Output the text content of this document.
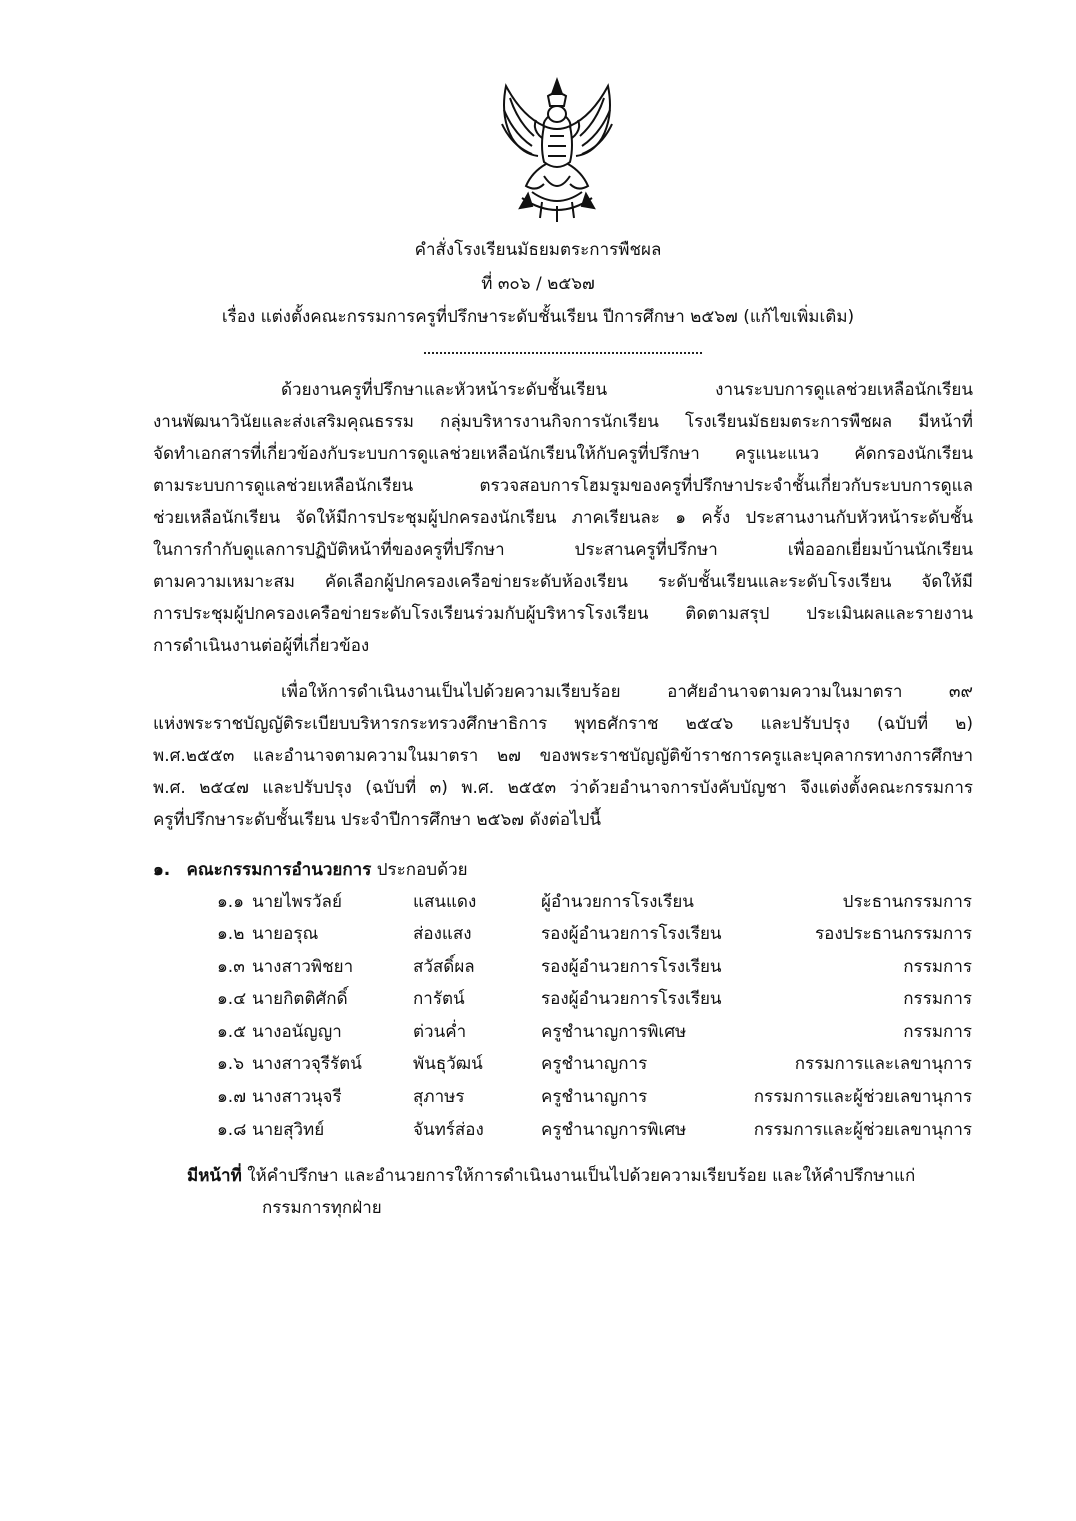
คำสั่งโรงเรียนมัธยมตระการพืชผล
ที่ ๓๐๖ / ๒๕๖๗
เรื่อง แต่งตั้งคณะกรรมการครูที่ปรึกษาระดับชั้นเรียน ปีการศึกษา ๒๕๖๗ (แก้ไขเพิ่มเติม)
ด้วยงานครูที่ปรึกษาและหัวหน้าระดับชั้นเรียน งานระบบการดูแลช่วยเหลือนักเรียน
งานพัฒนาวินัยและส่งเสริมคุณธรรม กลุ่มบริหารงานกิจการนักเรียน โรงเรียนมัธยมตระการพืชผล มีหน้าที่
จัดทำเอกสารที่เกี่ยวข้องกับระบบการดูแลช่วยเหลือนักเรียนให้กับครูที่ปรึกษา ครูแนะแนว คัดกรองนักเรียน
ตามระบบการดูแลช่วยเหลือนักเรียน ตรวจสอบการโฮมรูมของครูที่ปรึกษาประจำชั้นเกี่ยวกับระบบการดูแล
ช่วยเหลือนักเรียน จัดให้มีการประชุมผู้ปกครองนักเรียน ภาคเรียนละ ๑ ครั้ง ประสานงานกับหัวหน้าระดับชั้น
ในการกำกับดูแลการปฏิบัติหน้าที่ของครูที่ปรึกษา ประสานครูที่ปรึกษา เพื่อออกเยี่ยมบ้านนักเรียน
ตามความเหมาะสม คัดเลือกผู้ปกครองเครือข่ายระดับห้องเรียน ระดับชั้นเรียนและระดับโรงเรียน จัดให้มี
การประชุมผู้ปกครองเครือข่ายระดับโรงเรียนร่วมกับผู้บริหารโรงเรียน ติดตามสรุป ประเมินผลและรายงาน
การดำเนินงานต่อผู้ที่เกี่ยวข้อง
เพื่อให้การดำเนินงานเป็นไปด้วยความเรียบร้อย อาศัยอำนาจตามความในมาตรา ๓๙
แห่งพระราชบัญญัติระเบียบบริหารกระทรวงศึกษาธิการ พุทธศักราช ๒๕๔๖ และปรับปรุง (ฉบับที่ ๒)
พ.ศ.๒๕๕๓ และอำนาจตามความในมาตรา ๒๗ ของพระราชบัญญัติข้าราชการครูและบุคลากรทางการศึกษา
พ.ศ. ๒๕๔๗ และปรับปรุง (ฉบับที่ ๓) พ.ศ. ๒๕๕๓ ว่าด้วยอำนาจการบังคับบัญชา จึงแต่งตั้งคณะกรรมการ
ครูที่ปรึกษาระดับชั้นเรียน ประจำปีการศึกษา ๒๕๖๗ ดังต่อไปนี้
๑. คณะกรรมการอำนวยการ ประกอบด้วย
๑.๑ นายไพรวัลย์	แสนแดง	ผู้อำนวยการโรงเรียน	ประธานกรรมการ
๑.๒ นายอรุณ	ส่องแสง	รองผู้อำนวยการโรงเรียน	รองประธานกรรมการ
๑.๓ นางสาวพิชยา	สวัสดิ์ผล	รองผู้อำนวยการโรงเรียน	กรรมการ
๑.๔ นายกิตติศักดิ์	การัตน์	รองผู้อำนวยการโรงเรียน	กรรมการ
๑.๕ นางอนัญญา	ต่วนค่ำ	ครูชำนาญการพิเศษ	กรรมการ
๑.๖ นางสาวจุรีรัตน์	พันธุวัฒน์	ครูชำนาญการ	กรรมการและเลขานุการ
๑.๗ นางสาวนุจรี	สุภาษร	ครูชำนาญการ	กรรมการและผู้ช่วยเลขานุการ
๑.๘ นายสุวิทย์	จันทร์ส่อง	ครูชำนาญการพิเศษ	กรรมการและผู้ช่วยเลขานุการ
มีหน้าที่ ให้คำปรึกษา และอำนวยการให้การดำเนินงานเป็นไปด้วยความเรียบร้อย และให้คำปรึกษาแก่
กรรมการทุกฝ่าย
